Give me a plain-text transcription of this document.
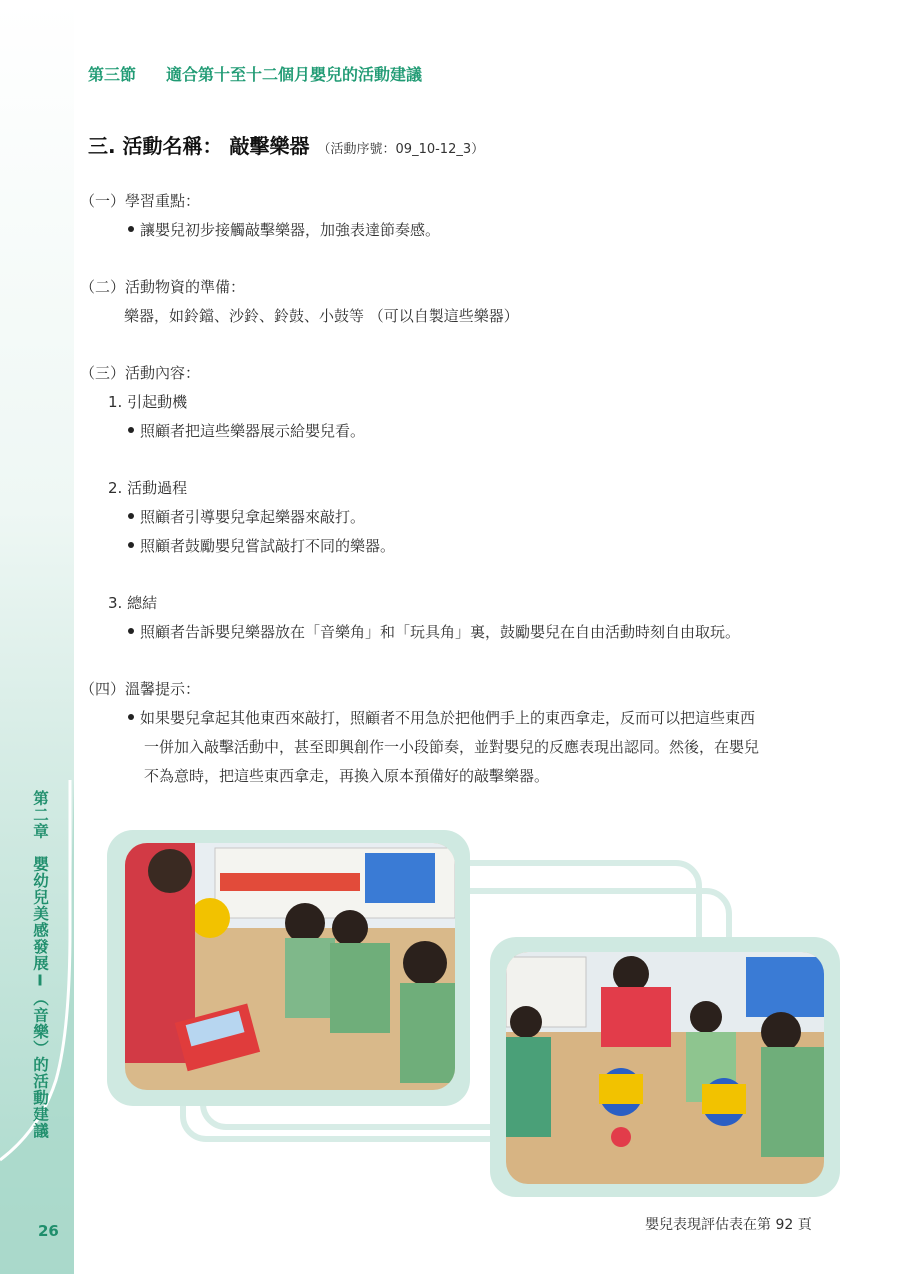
第二章　嬰幼兒美感發展I（音樂）的活動建議
26
第三節 適合第十至十二個月嬰兒的活動建議
三. 活動名稱： 敲擊樂器 （活動序號：09_10-12_3）
（一）學習重點：
讓嬰兒初步接觸敲擊樂器，加強表達節奏感。
（二）活動物資的準備：
樂器，如鈴鐺、沙鈴、鈴鼓、小鼓等 （可以自製這些樂器）
（三）活動內容：
1. 引起動機
照顧者把這些樂器展示給嬰兒看。
2. 活動過程
照顧者引導嬰兒拿起樂器來敲打。
照顧者鼓勵嬰兒嘗試敲打不同的樂器。
3. 總結
照顧者告訴嬰兒樂器放在「音樂角」和「玩具角」裏，鼓勵嬰兒在自由活動時刻自由取玩。
（四）溫馨提示：
如果嬰兒拿起其他東西來敲打，照顧者不用急於把他們手上的東西拿走，反而可以把這些東西
一併加入敲擊活動中，甚至即興創作一小段節奏，並對嬰兒的反應表現出認同。然後，在嬰兒
不為意時，把這些東西拿走，再換入原本預備好的敲擊樂器。
嬰兒表現評估表在第 92 頁
